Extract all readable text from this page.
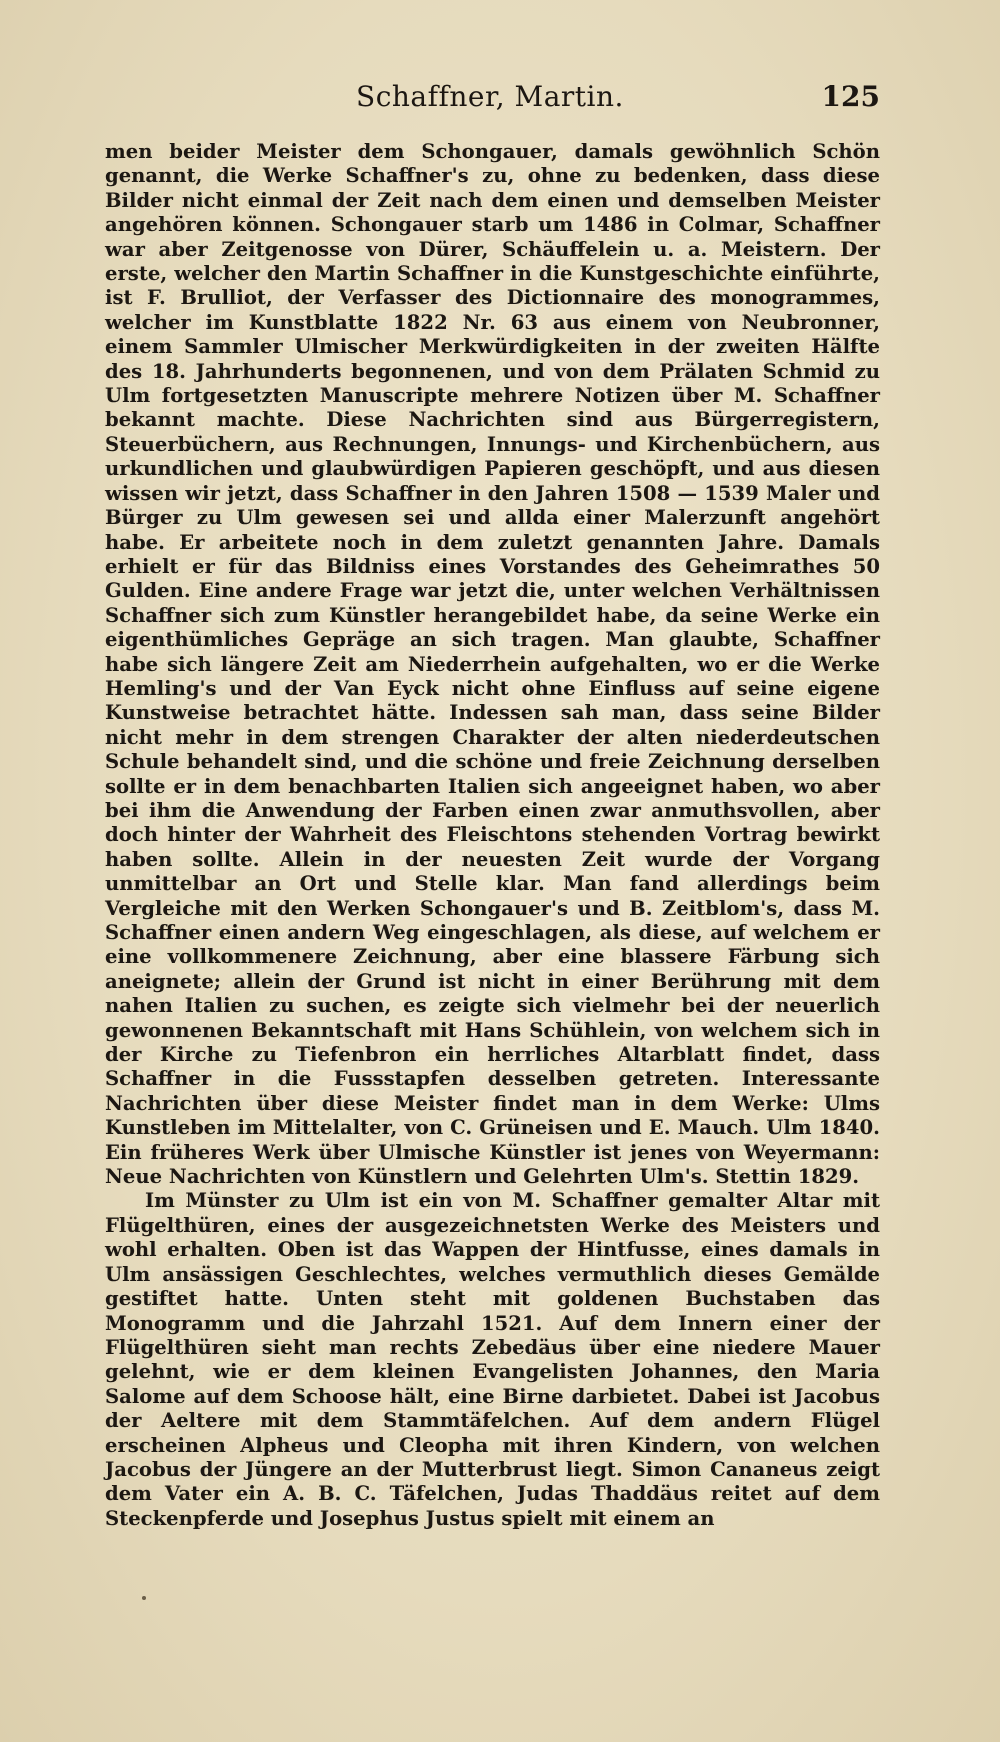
Schaffner, Martin.	125

men beider Meister dem Schongauer, damals gewöhnlich Schön genannt, die Werke Schaffner's zu, ohne zu bedenken, dass diese Bilder nicht einmal der Zeit nach dem einen und demselben Meister angehören können. Schongauer starb um 1486 in Colmar, Schaffner war aber Zeitgenosse von Dürer, Schäuffelein u. a. Meistern. Der erste, welcher den Martin Schaffner in die Kunstgeschichte einführte, ist F. Brulliot, der Verfasser des Dictionnaire des monogrammes, welcher im Kunstblatte 1822 Nr. 63 aus einem von Neubronner, einem Sammler Ulmischer Merkwürdigkeiten in der zweiten Hälfte des 18. Jahrhunderts begonnenen, und von dem Prälaten Schmid zu Ulm fortgesetzten Manuscripte mehrere Notizen über M. Schaffner bekannt machte. Diese Nachrichten sind aus Bürgerregistern, Steuerbüchern, aus Rechnungen, Innungs- und Kirchenbüchern, aus urkundlichen und glaubwürdigen Papieren geschöpft, und aus diesen wissen wir jetzt, dass Schaffner in den Jahren 1508 — 1539 Maler und Bürger zu Ulm gewesen sei und allda einer Malerzunft angehört habe. Er arbeitete noch in dem zuletzt genannten Jahre. Damals erhielt er für das Bildniss eines Vorstandes des Geheimrathes 50 Gulden. Eine andere Frage war jetzt die, unter welchen Verhältnissen Schaffner sich zum Künstler herangebildet habe, da seine Werke ein eigenthümliches Gepräge an sich tragen. Man glaubte, Schaffner habe sich längere Zeit am Niederrhein aufgehalten, wo er die Werke Hemling's und der Van Eyck nicht ohne Einfluss auf seine eigene Kunstweise betrachtet hätte. Indessen sah man, dass seine Bilder nicht mehr in dem strengen Charakter der alten niederdeutschen Schule behandelt sind, und die schöne und freie Zeichnung derselben sollte er in dem benachbarten Italien sich angeeignet haben, wo aber bei ihm die Anwendung der Farben einen zwar anmuthsvollen, aber doch hinter der Wahrheit des Fleischtons stehenden Vortrag bewirkt haben sollte. Allein in der neuesten Zeit wurde der Vorgang unmittelbar an Ort und Stelle klar. Man fand allerdings beim Vergleiche mit den Werken Schongauer's und B. Zeitblom's, dass M. Schaffner einen andern Weg eingeschlagen, als diese, auf welchem er eine vollkommenere Zeichnung, aber eine blassere Färbung sich aneignete; allein der Grund ist nicht in einer Berührung mit dem nahen Italien zu suchen, es zeigte sich vielmehr bei der neuerlich gewonnenen Bekanntschaft mit Hans Schühlein, von welchem sich in der Kirche zu Tiefenbron ein herrliches Altarblatt findet, dass Schaffner in die Fussstapfen desselben getreten. Interessante Nachrichten über diese Meister findet man in dem Werke: Ulms Kunstleben im Mittelalter, von C. Grüneisen und E. Mauch. Ulm 1840. Ein früheres Werk über Ulmische Künstler ist jenes von Weyermann: Neue Nachrichten von Künstlern und Gelehrten Ulm's. Stettin 1829.

Im Münster zu Ulm ist ein von M. Schaffner gemalter Altar mit Flügelthüren, eines der ausgezeichnetsten Werke des Meisters und wohl erhalten. Oben ist das Wappen der Hintfusse, eines damals in Ulm ansässigen Geschlechtes, welches vermuthlich dieses Gemälde gestiftet hatte. Unten steht mit goldenen Buchstaben das Monogramm und die Jahrzahl 1521. Auf dem Innern einer der Flügelthüren sieht man rechts Zebedäus über eine niedere Mauer gelehnt, wie er dem kleinen Evangelisten Johannes, den Maria Salome auf dem Schoose hält, eine Birne darbietet. Dabei ist Jacobus der Aeltere mit dem Stammtäfelchen. Auf dem andern Flügel erscheinen Alphеus und Cleopha mit ihren Kindern, von welchen Jacobus der Jüngere an der Mutterbrust liegt. Simon Cananeus zeigt dem Vater ein A. B. C. Täfelchen, Judas Thaddäus reitet auf dem Steckenpferde und Josephus Justus spielt mit einem an
